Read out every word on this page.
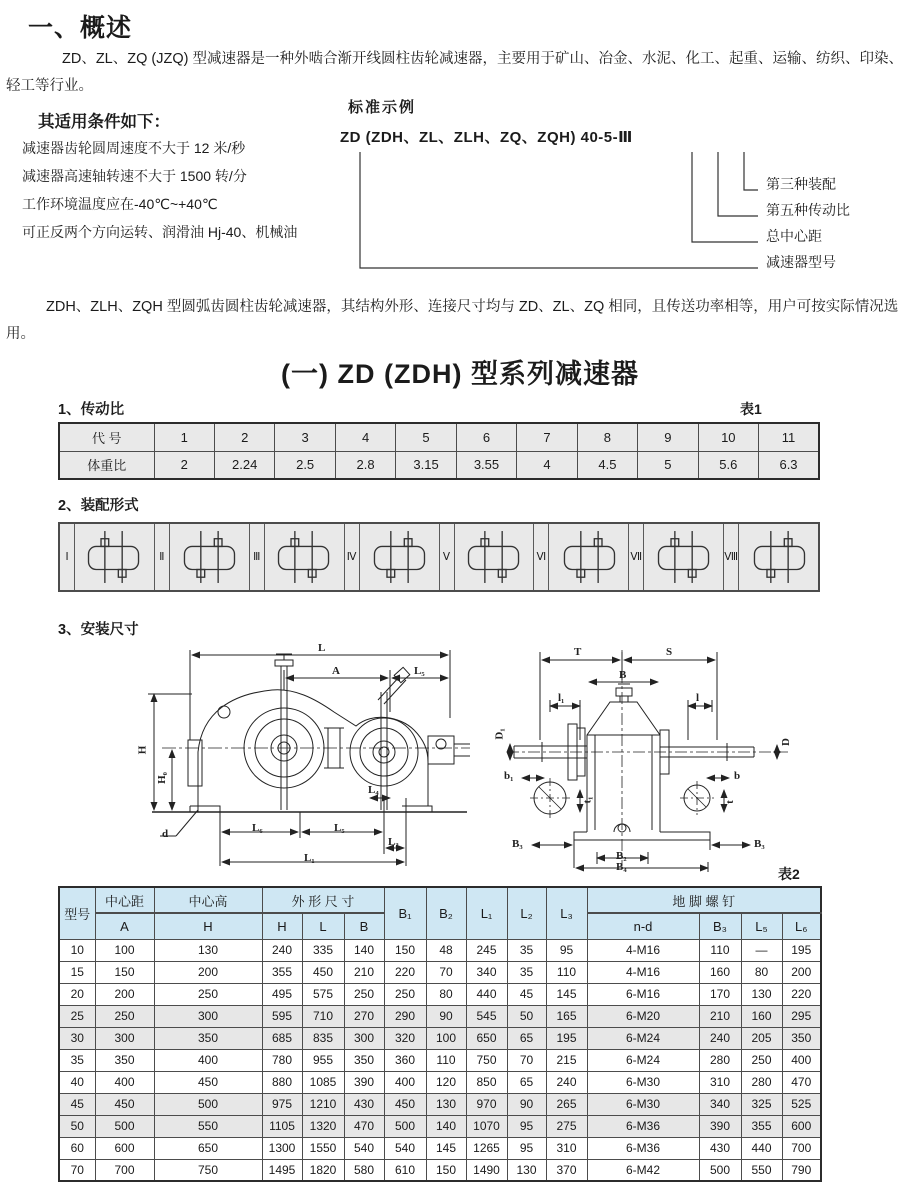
一、概述

ZD、ZL、ZQ (JZQ) 型减速器是一种外啮合渐开线圆柱齿轮减速器，主要用于矿山、冶金、水泥、化工、起重、运输、纺织、印染、轻工等行业。

其适用条件如下：
减速器齿轮圆周速度不大于 12 米/秒
减速器高速轴转速不大于 1500 转/分
工作环境温度应在-40℃~+40℃
可正反两个方向运转、润滑油 Hj-40、机械油
标准示例
ZD (ZDH、ZL、ZLH、ZQ、ZQH) 40-5-Ⅲ
第三种装配
第五种传动比
总中心距
减速器型号

ZDH、ZLH、ZQH 型圆弧齿圆柱齿轮减速器，其结构外形、连接尺寸均与 ZD、ZL、ZQ 相同，且传送功率相等，用户可按实际情况选用。

(一) ZD (ZDH) 型系列减速器
1、传动比	表1
代 号	1	2	3	4	5	6	7	8	9	10	11
体重比	2	2.24	2.5	2.8	3.15	3.55	4	4.5	5	5.6	6.3
2、装配形式
Ⅰ	Ⅱ	Ⅲ	Ⅳ	Ⅴ	Ⅵ	Ⅶ	Ⅷ
3、安装尺寸
L
A	L₅
H
H₀
L₄
L₆	L₅
L₂
L₁
d
T	S
B
D₁
l₁	l
D
b₁	b
t₁	t
B₃	B₃
B₂
B₄	表2
型号	中心距	中心高	外 形 尺 寸			B₁	B₂	L₁	L₂	L₃	地 脚 螺 钉			
	A	H	H	L	B						n-d	B₃	L₅	L₆
10	100	130	240	335	140	150	48	245	35	95	4-M16	110	—	195
15	150	200	355	450	210	220	70	340	35	110	4-M16	160	80	200
20	200	250	495	575	250	250	80	440	45	145	6-M16	170	130	220
25	250	300	595	710	270	290	90	545	50	165	6-M20	210	160	295
30	300	350	685	835	300	320	100	650	65	195	6-M24	240	205	350
35	350	400	780	955	350	360	110	750	70	215	6-M24	280	250	400
40	400	450	880	1085	390	400	120	850	65	240	6-M30	310	280	470
45	450	500	975	1210	430	450	130	970	90	265	6-M30	340	325	525
50	500	550	1105	1320	470	500	140	1070	95	275	6-M36	390	355	600
60	600	650	1300	1550	540	540	145	1265	95	310	6-M36	430	440	700
70	700	750	1495	1820	580	610	150	1490	130	370	6-M42	500	550	790
